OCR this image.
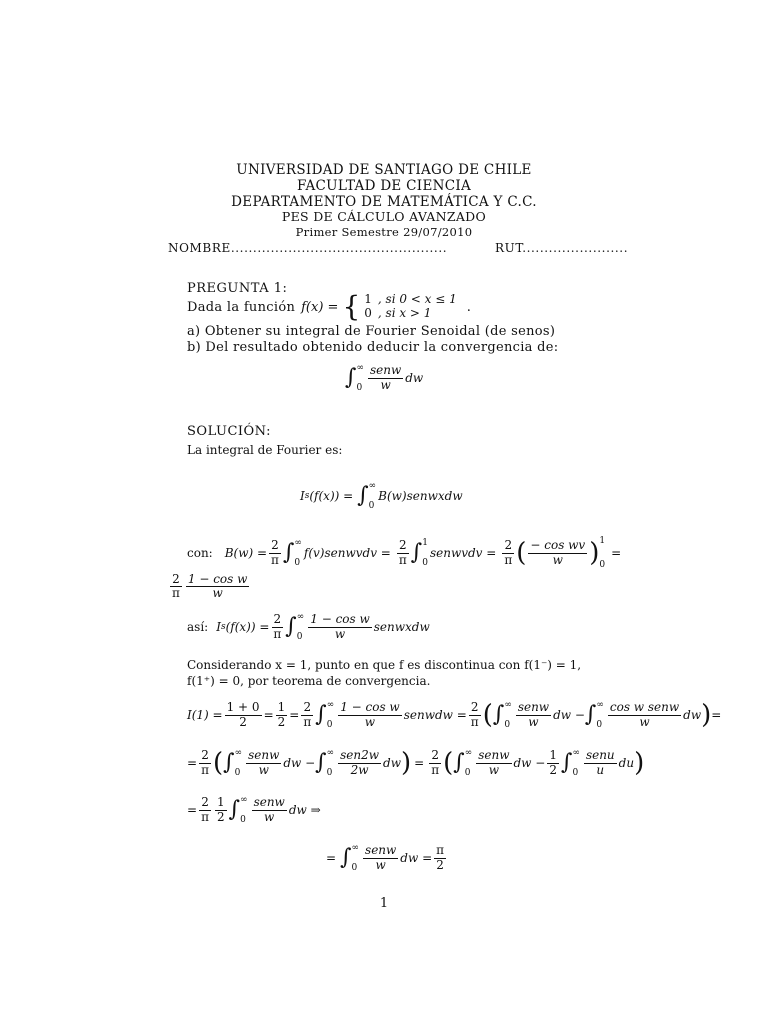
UNIVERSIDAD DE SANTIAGO DE CHILE
FACULTAD DE CIENCIA
DEPARTAMENTO DE MATEMÁTICA Y C.C.
PES DE CÁLCULO AVANZADO
Primer Semestre 29/07/2010
NOMBRE.................................................	RUT........................
PREGUNTA 1:
Dada la función f(x) = { 1 , si 0 < x ≤ 1
0 , si x > 1	.
a) Obtener su integral de Fourier Senoidal (de senos)
b) Del resultado obtenido deducir la convergencia de:
∫ ∞
$0 \frac{\text{senw}}{w}$ dw
SOLUCIÓN:
La integral de Fourier es:
I s (f(x)) = ∫ ∞
0
B(w)senwxdw
con: $B(w) = \frac{2}{\pi}$ ∫ ∞
0
f(v)senwvdv = $\frac{2}{\pi}$ ∫ 1
0
senwvdv = $\frac{2}{\pi}$ ( $\frac{\text{− cos wv}}{w}$ ) 1
0
=
$\frac{2}{\pi} \frac{\text{1 − cos w}}{w}$
así: I s $(f(x)) = \frac{2}{\pi}$ ∫ ∞
$0 \frac{\text{1 − cos w}}{w}$ senwxdw
Considerando x = 1, punto en que f es discontinua con f(1⁻) = 1,
f(1⁺) = 0, por teorema de convergencia.
$I(1) = \frac{1 + 0}{2} = \frac{1}{2} = \frac{2}{\pi}$ ∫ ∞
$0 \frac{\text{1 − cos w}}{w}$ senwdw = $\frac{2}{\pi}$ ( ∫ ∞
$0 \frac{\text{senw}}{w}$ dw − ∫ ∞
$0 \frac{\text{cos w senw}}{w}$ dw ) =
= $\frac{2}{\pi}$ ( ∫ ∞
$0 \frac{\text{senw}}{w}$ dw − ∫ ∞
$0 \frac{\text{sen2w}}{2w}$ dw ) = $\frac{2}{\pi}$ ( ∫ ∞
$0 \frac{\text{senw}}{w}$ dw − $\frac{1}{2}$ ∫ ∞
$0 \frac{\text{senu}}{u}$ du )
= $\frac{2}{\pi} \frac{1}{2}$ ∫ ∞
$0 \frac{\text{senw}}{w}$ dw ⇒
= ∫ ∞
$0 \frac{\text{senw}}{w}$ dw = $\frac{\pi}{2}$
1
